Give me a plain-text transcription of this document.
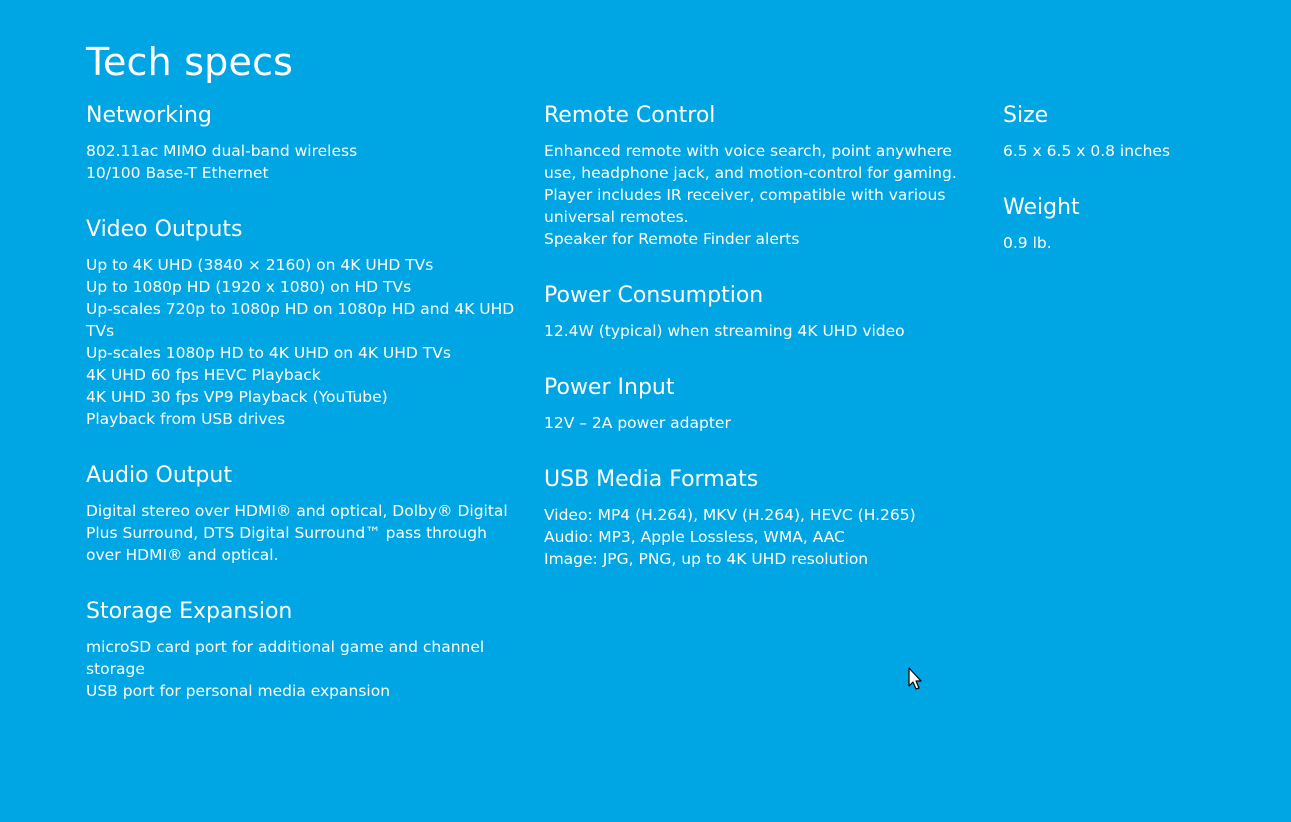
Tech specs
Networking

802.11ac MIMO dual-band wireless

10/100 Base-T Ethernet

Video Outputs

Up to 4K UHD (3840 × 2160) on 4K UHD TVs

Up to 1080p HD (1920 x 1080) on HD TVs

Up-scales 720p to 1080p HD on 1080p HD and 4K UHD TVs

Up-scales 1080p HD to 4K UHD on 4K UHD TVs

4K UHD 60 fps HEVC Playback

4K UHD 30 fps VP9 Playback (YouTube)

Playback from USB drives

Audio Output

Digital stereo over HDMI® and optical, Dolby® Digital Plus Surround, DTS Digital Surround™ pass through over HDMI® and optical.

Storage Expansion

microSD card port for additional game and channel storage

USB port for personal media expansion

Remote Control

Enhanced remote with voice search, point anywhere use, headphone jack, and motion-control for gaming. Player includes IR receiver, compatible with various universal remotes.

Speaker for Remote Finder alerts

Power Consumption

12.4W (typical) when streaming 4K UHD video

Power Input

12V – 2A power adapter

USB Media Formats

Video: MP4 (H.264), MKV (H.264), HEVC (H.265)

Audio: MP3, Apple Lossless, WMA, AAC

Image: JPG, PNG, up to 4K UHD resolution

Size

6.5 x 6.5 x 0.8 inches

Weight

0.9 lb.
